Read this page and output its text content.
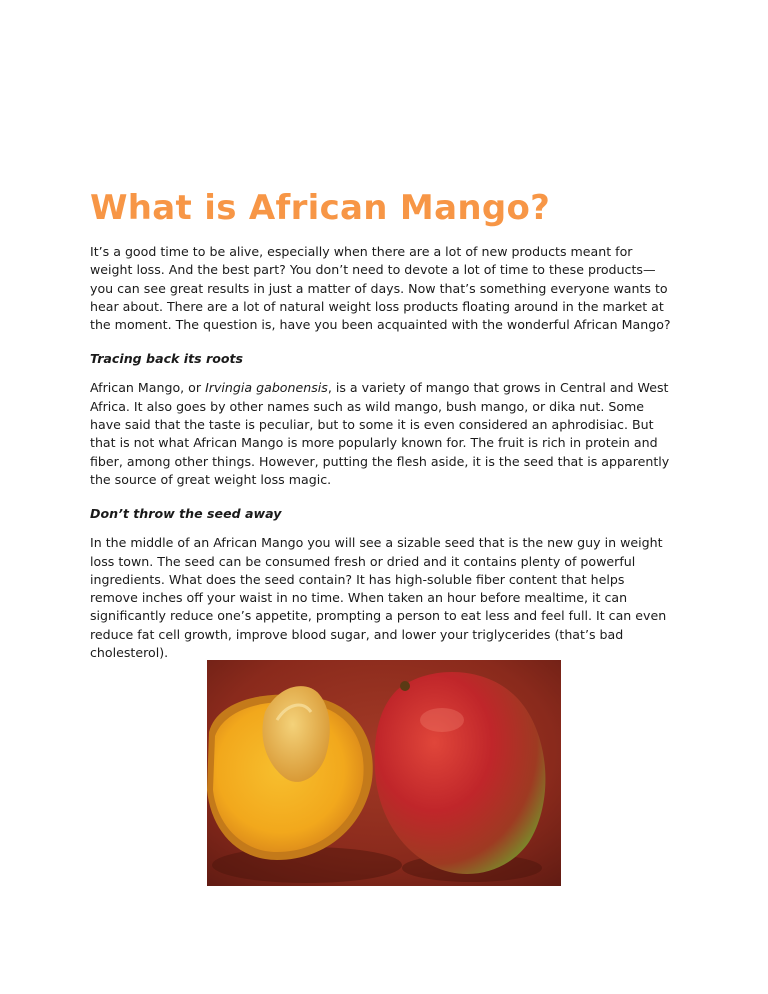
What is African Mango?

It’s a good time to be alive, especially when there are a lot of new products meant for
weight loss. And the best part? You don’t need to devote a lot of time to these products—
you can see great results in just a matter of days. Now that’s something everyone wants to
hear about. There are a lot of natural weight loss products floating around in the market at
the moment. The question is, have you been acquainted with the wonderful African Mango?

Tracing back its roots

African Mango, or Irvingia gabonensis, is a variety of mango that grows in Central and West
Africa. It also goes by other names such as wild mango, bush mango, or dika nut. Some
have said that the taste is peculiar, but to some it is even considered an aphrodisiac. But
that is not what African Mango is more popularly known for. The fruit is rich in protein and
fiber, among other things. However, putting the flesh aside, it is the seed that is apparently
the source of great weight loss magic.

Don’t throw the seed away

In the middle of an African Mango you will see a sizable seed that is the new guy in weight
loss town. The seed can be consumed fresh or dried and it contains plenty of powerful
ingredients. What does the seed contain? It has high-soluble fiber content that helps
remove inches off your waist in no time. When taken an hour before mealtime, it can
significantly reduce one’s appetite, prompting a person to eat less and feel full. It can even
reduce fat cell growth, improve blood sugar, and lower your triglycerides (that’s bad
cholesterol).
